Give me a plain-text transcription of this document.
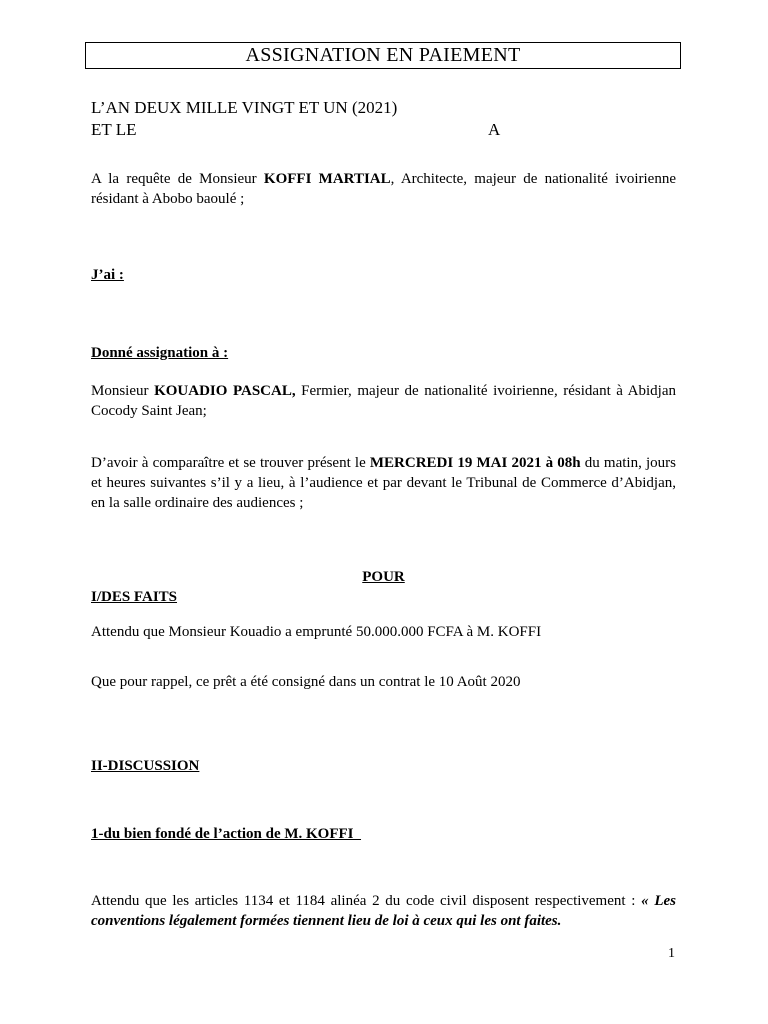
ASSIGNATION EN PAIEMENT
L’AN DEUX MILLE VINGT ET UN (2021)
ET LE	A
A la requête de Monsieur KOFFI MARTIAL, Architecte, majeur de nationalité ivoirienne résidant à Abobo baoulé ;
J’ai :
Donné assignation à :
Monsieur KOUADIO PASCAL, Fermier, majeur de nationalité ivoirienne, résidant à Abidjan Cocody Saint Jean;
D’avoir à comparaître et se trouver présent le MERCREDI 19 MAI 2021 à 08h du matin, jours et heures suivantes s’il y a lieu, à l’audience et par devant le Tribunal de Commerce d’Abidjan, en la salle ordinaire des audiences ;
POUR
I/DES FAITS
Attendu que Monsieur Kouadio a emprunté 50.000.000 FCFA à M. KOFFI
Que pour rappel, ce prêt a été consigné dans un contrat le 10 Août 2020
II-DISCUSSION
1-du bien fondé de l’action de M. KOFFI
Attendu que les articles 1134 et 1184 alinéa 2 du code civil disposent respectivement : « Les conventions légalement formées tiennent lieu de loi à ceux qui les ont faites.
1
